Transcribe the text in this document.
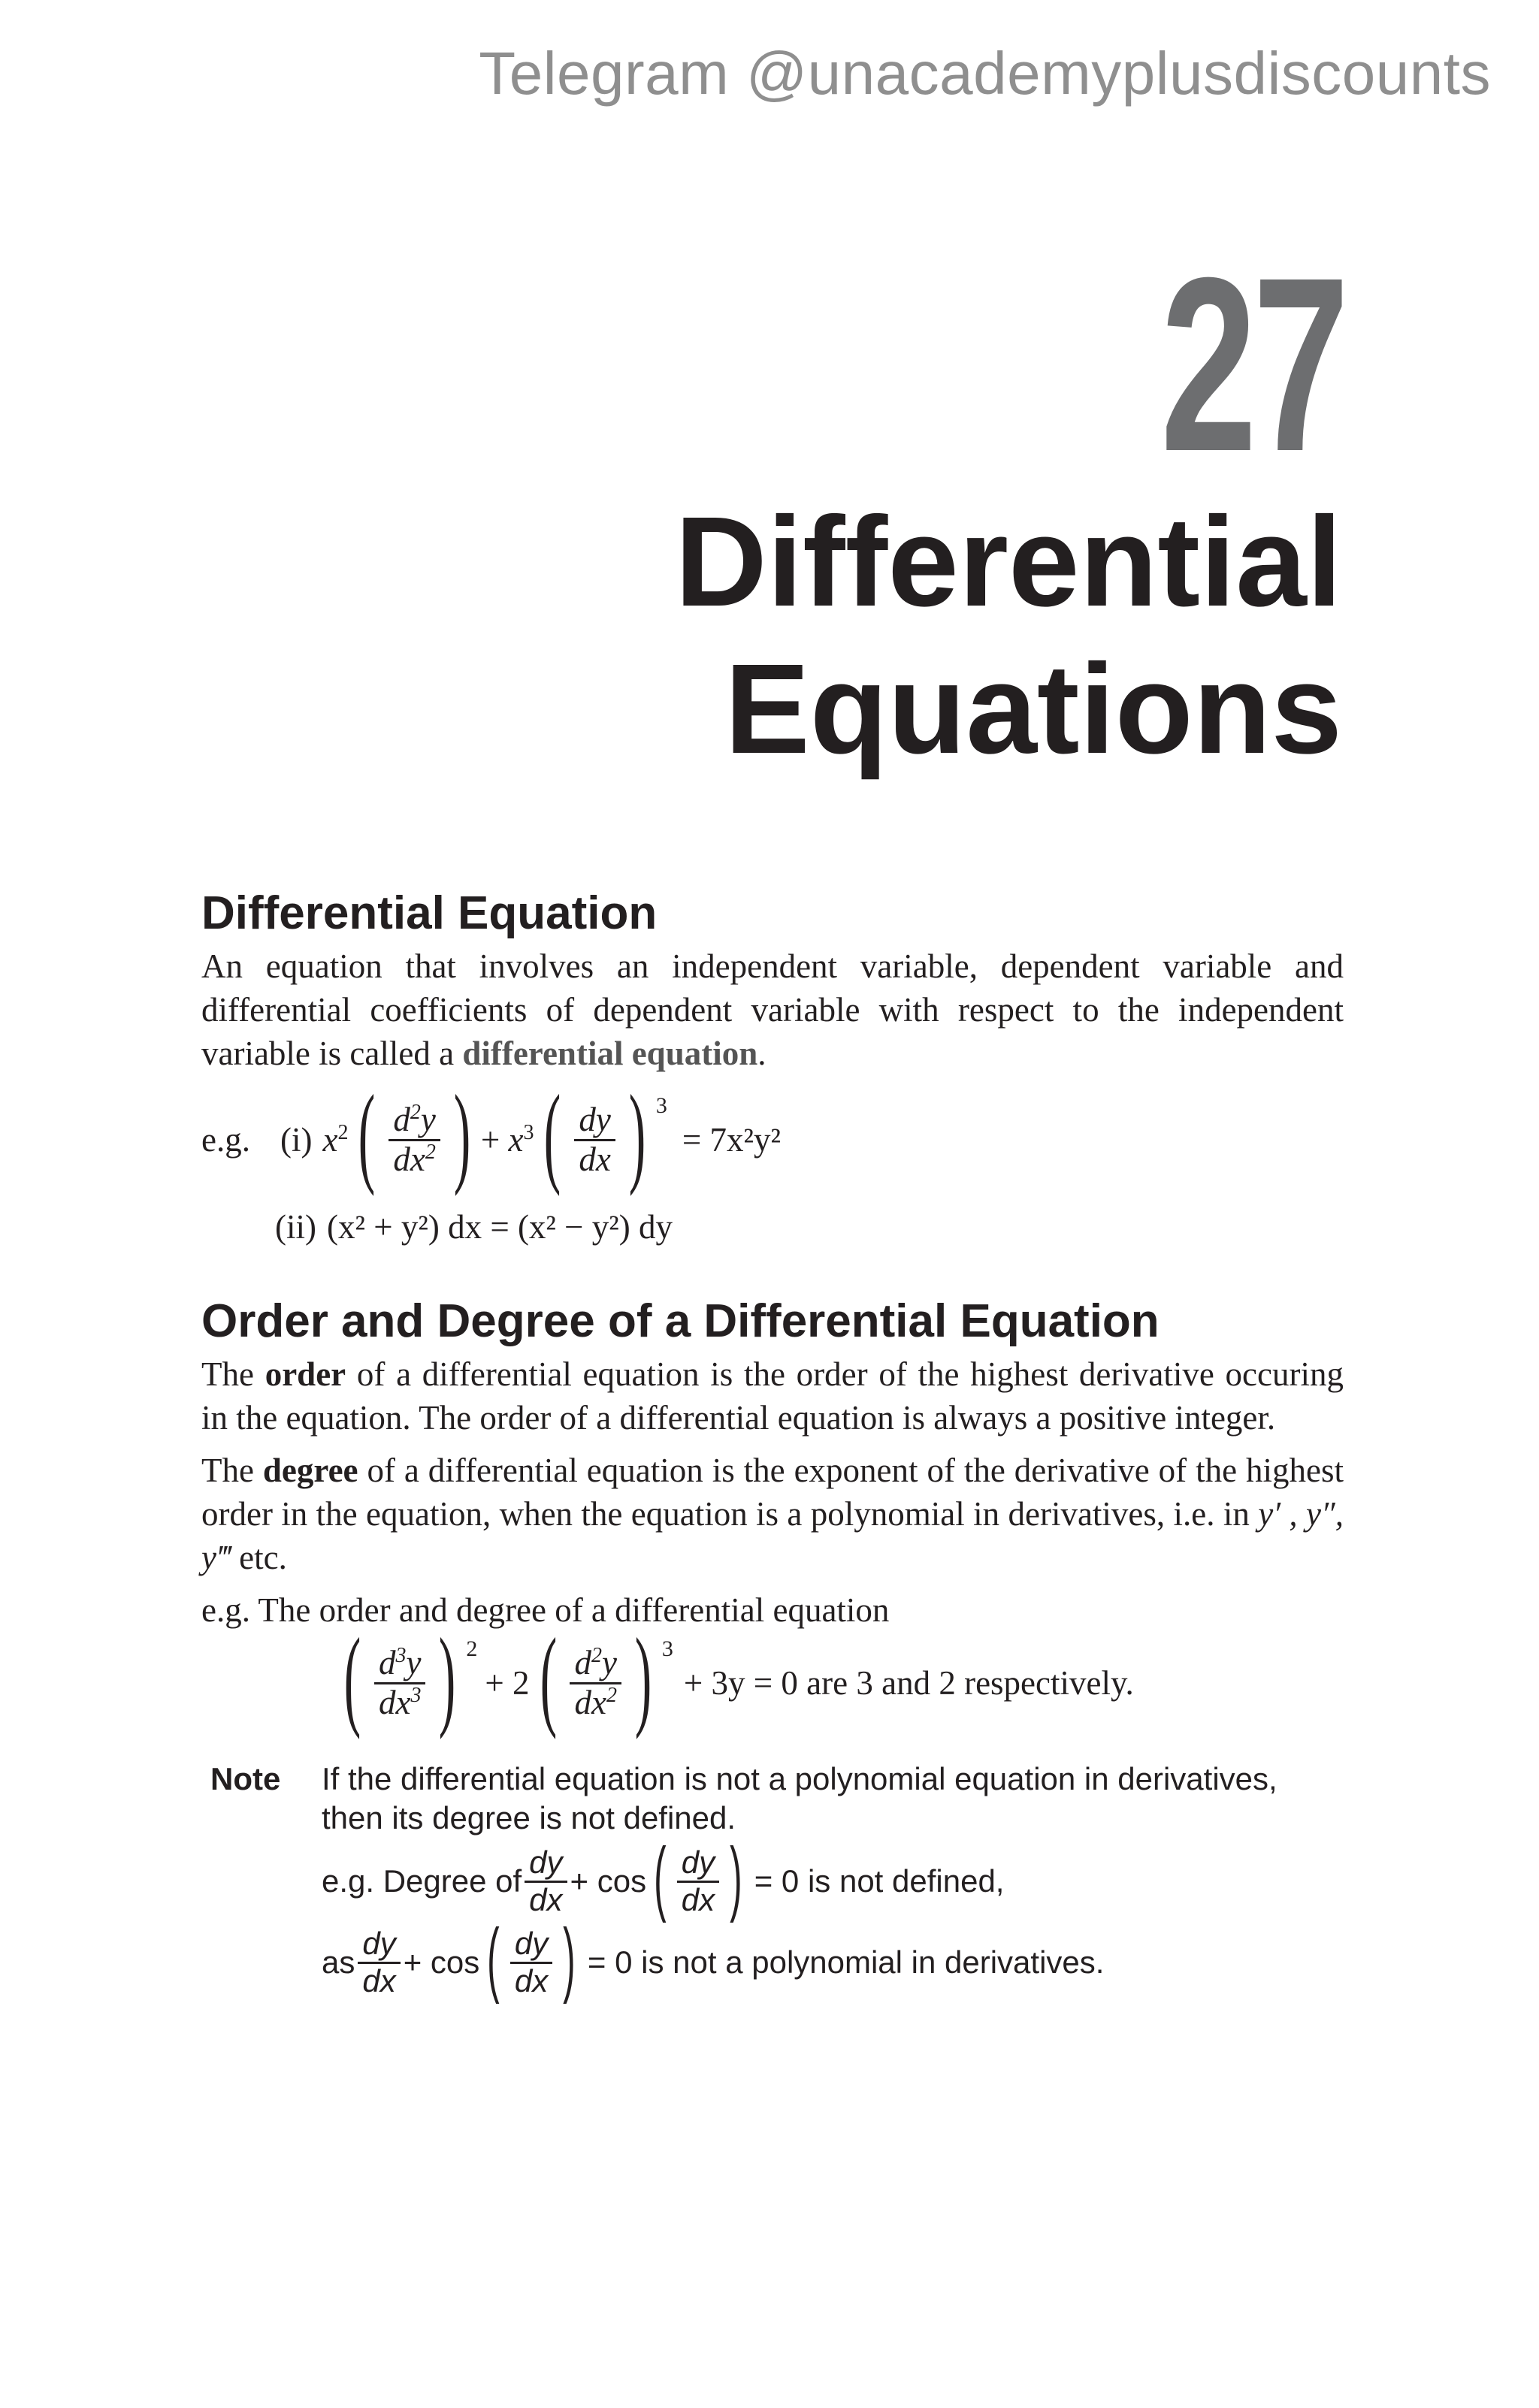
Telegram @unacademyplusdiscounts
27
Differential
Equations
Differential Equation

An equation that involves an independent variable, dependent variable and differential coefficients of dependent variable with respect to the independent variable is called a differential equation.

e.g. (i) $x^2$ ( $\frac{d^2y}{dx^2}$ ) + $x^3$ ( $\frac{dy}{dx}$ ) 3
= 7x²y²
(ii) (x² + y²) dx = (x² − y²) dy
Order and Degree of a Differential Equation

The order of a differential equation is the order of the highest derivative occuring in the equation. The order of a differential equation is always a positive integer.

The degree of a differential equation is the exponent of the derivative of the highest order in the equation, when the equation is a polynomial in derivatives, i.e. in y′ , y″, y‴ etc.

e.g. The order and degree of a differential equation

( $\frac{d^3y}{dx^3}$ ) 2
+ 2 ( $\frac{d^2y}{dx^2}$ ) 3
+ 3y = 0 are 3 and 2 respectively.
Note	If the differential equation is not a polynomial equation in derivatives, then its degree is not defined.
e.g. Degree of $\frac{dy}{dx} + \cos$ ( $\frac{dy}{dx}$ ) = 0 is not defined,
as $\frac{dy}{dx} + \cos$ ( $\frac{dy}{dx}$ ) = 0 is not a polynomial in derivatives.
